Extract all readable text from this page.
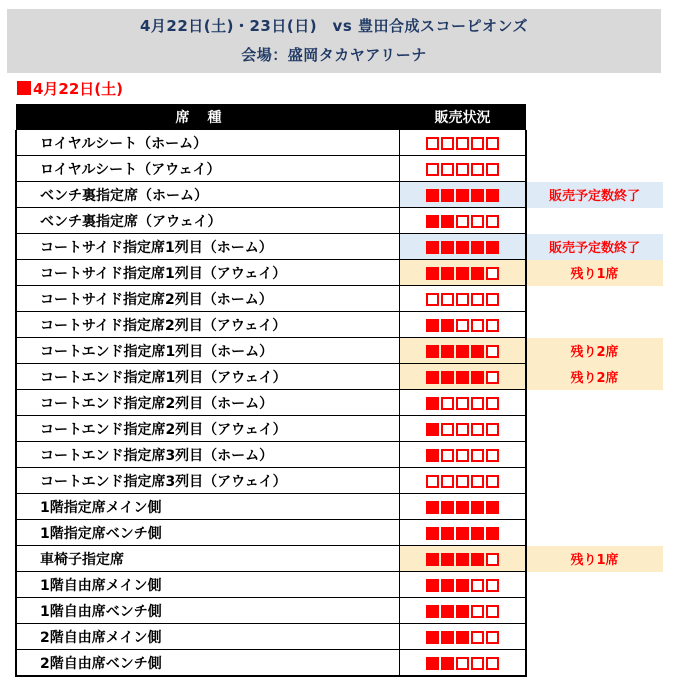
4月22日(土)・23日(日)　vs 豊田合成スコーピオンズ
会場：盛岡タカヤアリーナ
4月22日(土)
席種	販売状況	
ロイヤルシート（ホーム）		
ロイヤルシート（アウェイ）		
ベンチ裏指定席（ホーム）		販売予定数終了
ベンチ裏指定席（アウェイ）		
コートサイド指定席1列目（ホーム）		販売予定数終了
コートサイド指定席1列目（アウェイ）		残り1席
コートサイド指定席2列目（ホーム）		
コートサイド指定席2列目（アウェイ）		
コートエンド指定席1列目（ホーム）		残り2席
コートエンド指定席1列目（アウェイ）		残り2席
コートエンド指定席2列目（ホーム）		
コートエンド指定席2列目（アウェイ）		
コートエンド指定席3列目（ホーム）		
コートエンド指定席3列目（アウェイ）		
1階指定席メイン側		
1階指定席ベンチ側		
車椅子指定席		残り1席
1階自由席メイン側		
1階自由席ベンチ側		
2階自由席メイン側		
2階自由席ベンチ側		
